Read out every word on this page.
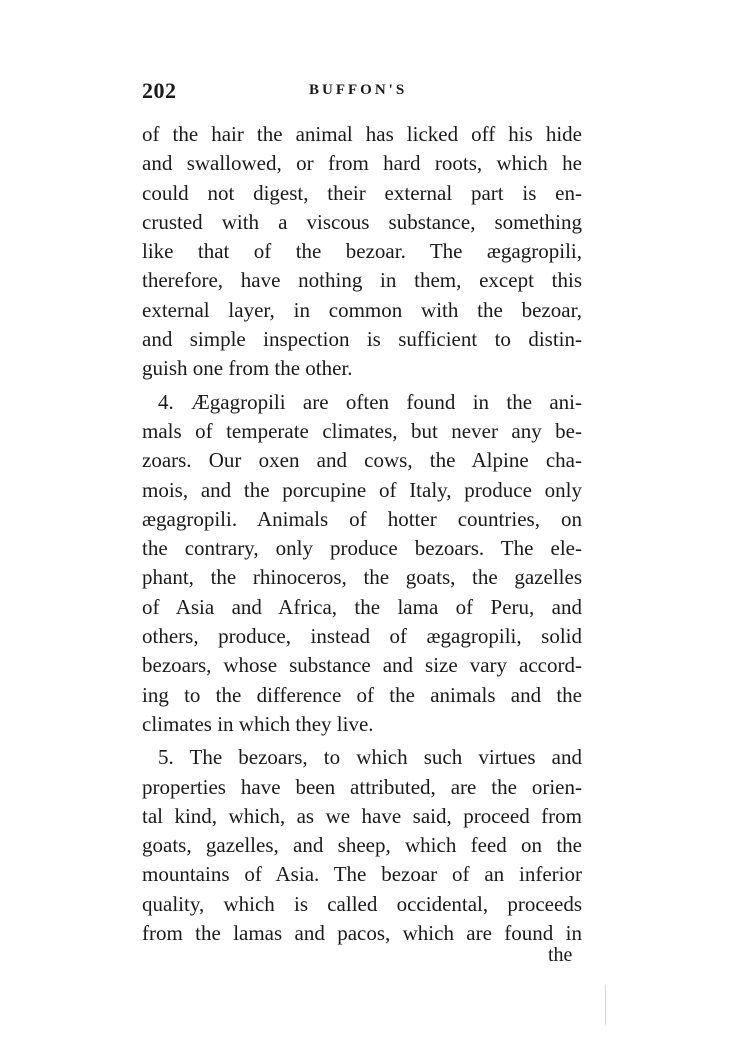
202	BUFFON'S
of the hair the animal has licked off his hide
and swallowed, or from hard roots, which he
could not digest, their external part is en-
crusted with a viscous substance, something
like that of the bezoar. The ægagropili,
therefore, have nothing in them, except this
external layer, in common with the bezoar,
and simple inspection is sufficient to distin-
guish one from the other.
4. Ægagropili are often found in the ani-
mals of temperate climates, but never any be-
zoars. Our oxen and cows, the Alpine cha-
mois, and the porcupine of Italy, produce only
ægagropili. Animals of hotter countries, on
the contrary, only produce bezoars. The ele-
phant, the rhinoceros, the goats, the gazelles
of Asia and Africa, the lama of Peru, and
others, produce, instead of ægagropili, solid
bezoars, whose substance and size vary accord-
ing to the difference of the animals and the
climates in which they live.
5. The bezoars, to which such virtues and
properties have been attributed, are the orien-
tal kind, which, as we have said, proceed from
goats, gazelles, and sheep, which feed on the
mountains of Asia. The bezoar of an inferior
quality, which is called occidental, proceeds
from the lamas and pacos, which are found in
the
